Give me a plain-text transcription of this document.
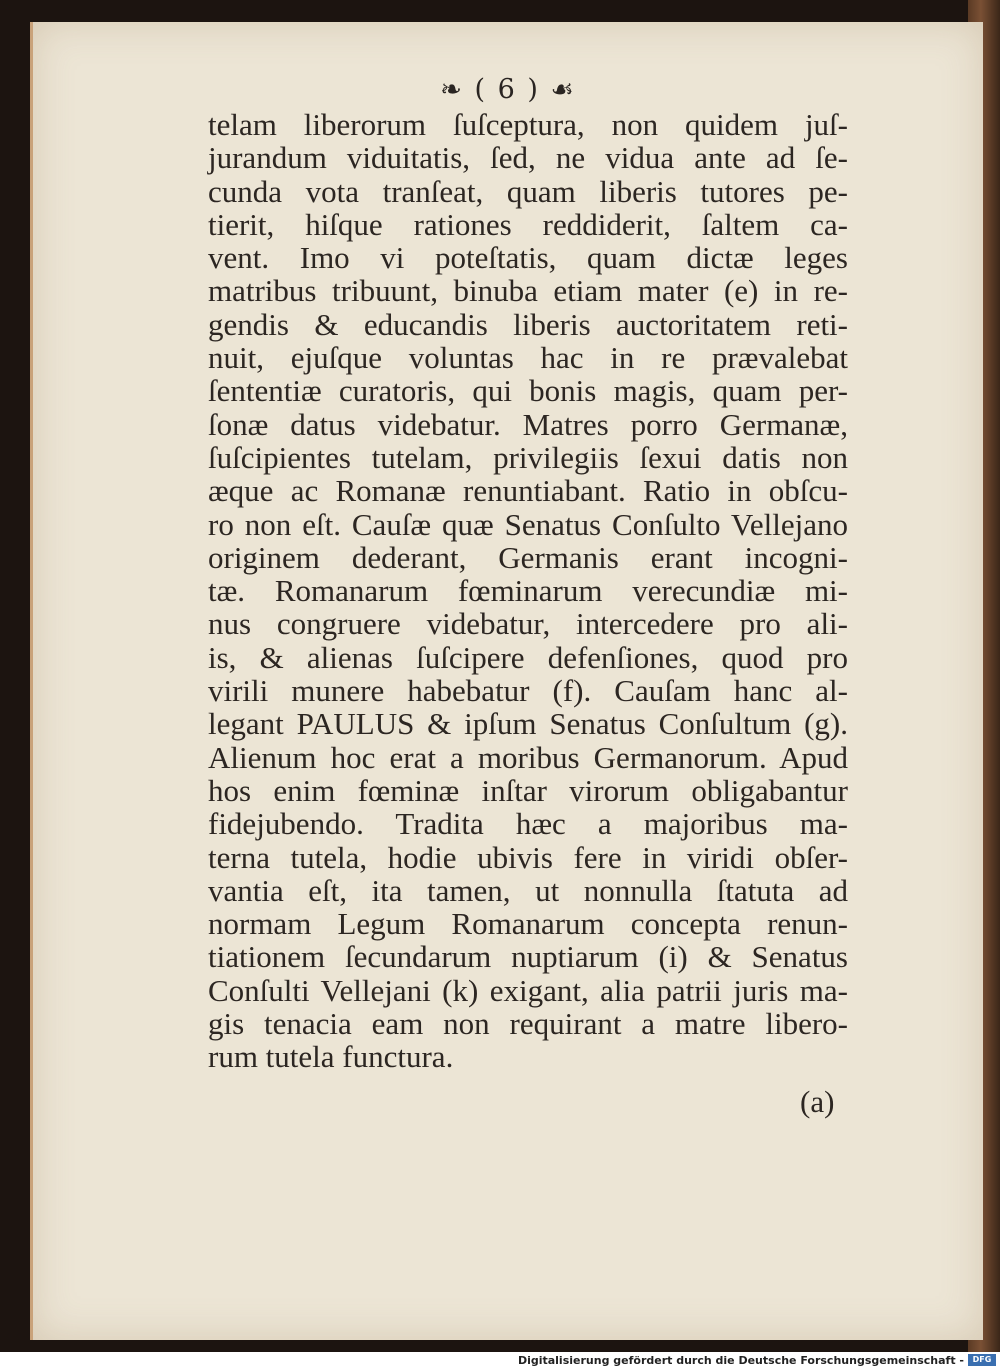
❧ ( 6 ) ☙
telam liberorum ſuſceptura, non quidem juſ-
jurandum viduitatis, ſed, ne vidua ante ad ſe-
cunda vota tranſeat, quam liberis tutores pe-
tierit, hiſque rationes reddiderit, ſaltem ca-
vent. Imo vi poteſtatis, quam dictæ leges
matribus tribuunt, binuba etiam mater (e) in re-
gendis & educandis liberis auctoritatem reti-
nuit, ejuſque voluntas hac in re prævalebat
ſententiæ curatoris, qui bonis magis, quam per-
ſonæ datus videbatur. Matres porro Germanæ,
ſuſcipientes tutelam, privilegiis ſexui datis non
æque ac Romanæ renuntiabant. Ratio in obſcu-
ro non eſt. Cauſæ quæ Senatus Conſulto Vellejano
originem dederant, Germanis erant incogni-
tæ. Romanarum fœminarum verecundiæ mi-
nus congruere videbatur, intercedere pro ali-
is, & alienas ſuſcipere defenſiones, quod pro
virili munere habebatur (f). Cauſam hanc al-
legant PAULUS & ipſum Senatus Conſultum (g).
Alienum hoc erat a moribus Germanorum. Apud
hos enim fœminæ inſtar virorum obligabantur
fidejubendo. Tradita hæc a majoribus ma-
terna tutela, hodie ubivis fere in viridi obſer-
vantia eſt, ita tamen, ut nonnulla ſtatuta ad
normam Legum Romanarum concepta renun-
tiationem ſecundarum nuptiarum (i) & Senatus
Conſulti Vellejani (k) exigant, alia patrii juris ma-
gis tenacia eam non requirant a matre libero-
rum tutela functura.
(a)
Digitalisierung gefördert durch die Deutsche Forschungsgemeinschaft -	DFG
